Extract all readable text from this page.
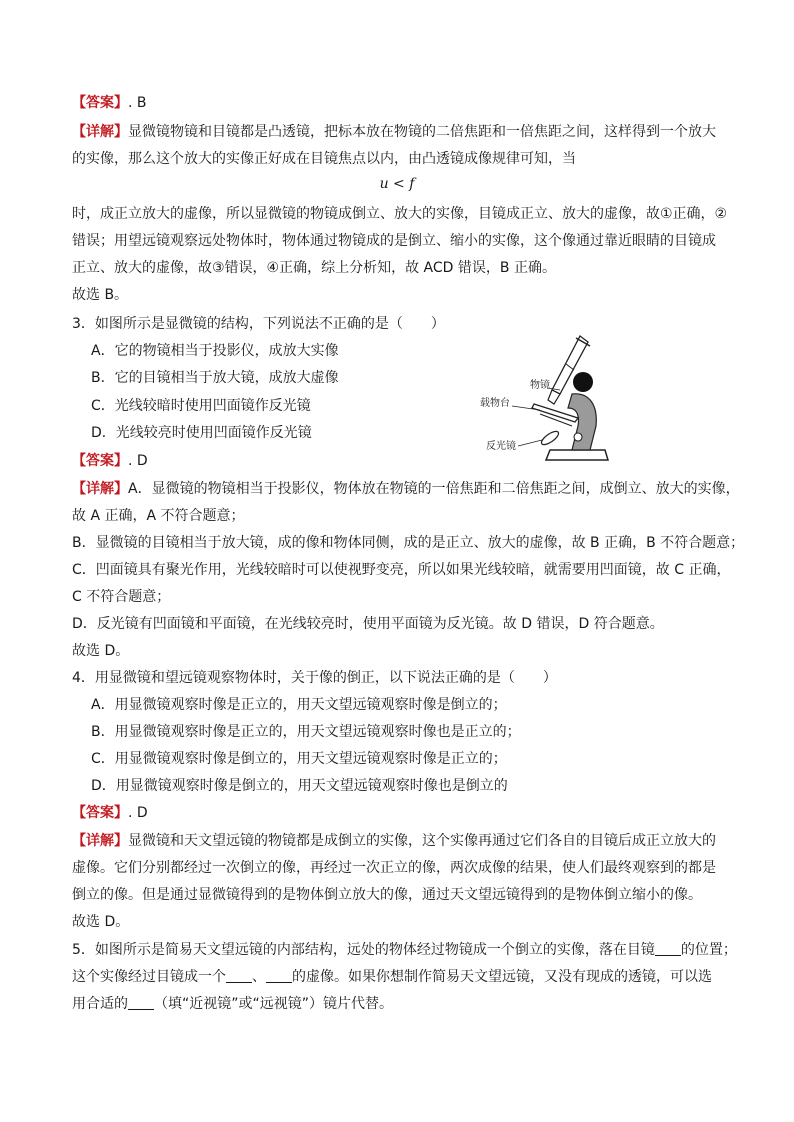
【答案】. B
【详解】显微镜物镜和目镜都是凸透镜，把标本放在物镜的二倍焦距和一倍焦距之间，这样得到一个放大
的实像，那么这个放大的实像正好成在目镜焦点以内，由凸透镜成像规律可知，当
u < f
时，成正立放大的虚像，所以显微镜的物镜成倒立、放大的实像，目镜成正立、放大的虚像，故①正确，②
错误；用望远镜观察远处物体时，物体通过物镜成的是倒立、缩小的实像，这个像通过靠近眼睛的目镜成
正立、放大的虚像，故③错误，④正确，综上分析知，故 ACD 错误，B 正确。
故选 B。
3．如图所示是显微镜的结构，下列说法不正确的是（　　）
A．它的物镜相当于投影仪，成放大实像
B．它的目镜相当于放大镜，成放大虚像
C．光线较暗时使用凹面镜作反光镜
D．光线较亮时使用凹面镜作反光镜
物镜
载物台
反光镜
【答案】. D
【详解】A．显微镜的物镜相当于投影仪，物体放在物镜的一倍焦距和二倍焦距之间，成倒立、放大的实像，
故 A 正确，A 不符合题意；
B．显微镜的目镜相当于放大镜，成的像和物体同侧，成的是正立、放大的虚像，故 B 正确，B 不符合题意；
C．凹面镜具有聚光作用，光线较暗时可以使视野变亮，所以如果光线较暗，就需要用凹面镜，故 C 正确，
C 不符合题意；
D．反光镜有凹面镜和平面镜，在光线较亮时，使用平面镜为反光镜。故 D 错误，D 符合题意。
故选 D。
4．用显微镜和望远镜观察物体时，关于像的倒正，以下说法正确的是（　　）
A．用显微镜观察时像是正立的，用天文望远镜观察时像是倒立的；
B．用显微镜观察时像是正立的，用天文望远镜观察时像也是正立的；
C．用显微镜观察时像是倒立的，用天文望远镜观察时像是正立的；
D．用显微镜观察时像是倒立的，用天文望远镜观察时像也是倒立的
【答案】. D
【详解】显微镜和天文望远镜的物镜都是成倒立的实像，这个实像再通过它们各自的目镜后成正立放大的
虚像。它们分别都经过一次倒立的像，再经过一次正立的像，两次成像的结果，使人们最终观察到的都是
倒立的像。但是通过显微镜得到的是物体倒立放大的像，通过天文望远镜得到的是物体倒立缩小的像。
故选 D。
5．如图所示是简易天文望远镜的内部结构，远处的物体经过物镜成一个倒立的实像，落在目镜 的位置；
这个实像经过目镜成一个 、 的虚像。如果你想制作简易天文望远镜，又没有现成的透镜，可以选
用合适的 （填“近视镜”或“远视镜”）镜片代替。
